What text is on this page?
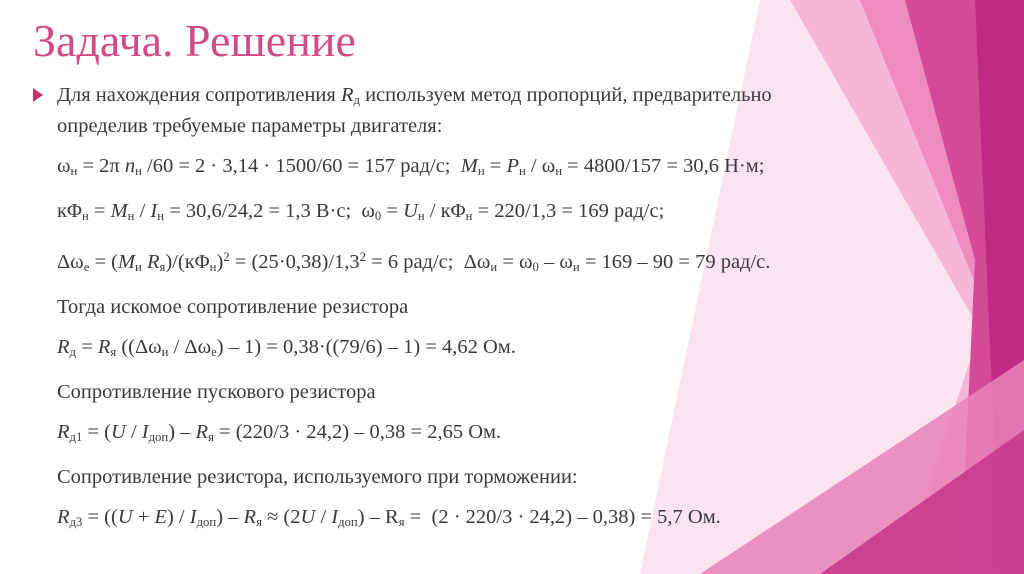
Задача. Решение
Для нахождения сопротивления $R_д$ используем метод пропорций, предварительно
определив требуемые параметры двигателя:
$\omega_н = 2\pi$ $n_н$ /60 = 2 · 3,14 · 1500/60 = 157 рад/с;  $M_н = P_н / \omega_н = 4800/157 = 30,6$ Н·м;
$к\Phi_н = M_н / I_н = 30,6/24,2 = 1,3$ В·с;  $\omega_0 = U_н / к\Phi_н = 220/1,3 = 169$ рад/с;
$\Delta\omega_е = (M_и$ $R_я)/(к\Phi_н)^2 = (25\cdot 0,38)/1,3^2 = 6$ рад/с;  $\Delta\omega_и = \omega_0 - \omega_и = 169 - 90 = 79$ рад/с.
Тогда искомое сопротивление резистора
$R_д = R_я$ $((\Delta\omega_и / \Delta\omega_е) - 1) = 0,38\cdot((79/6) - 1) = 4,62$ Ом.
Сопротивление пускового резистора
$R_{д1} = (U / I_{доп}) - R_я = (220/3 \cdot 24,2) - 0,38 = 2,65$ Ом.
Сопротивление резистора, используемого при торможении:
$R_{д3} = ((U + E) / I_{доп}) - R_я \approx (2U / I_{доп}) - R_я = (2 \cdot 220/3 \cdot 24,2) - 0,38) = 5,7$ Ом.
